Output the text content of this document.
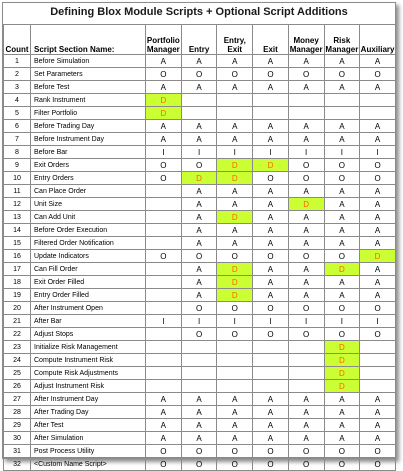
Defining Blox Module Scripts + Optional Script Additions
Count	Script Section Name:	Portfolio Manager	Entry	Entry, Exit	Exit	Money Manager	Risk Manager	Auxiliary
1	Before Simulation	A	A	A	A	A	A	A
2	Set Parameters	O	O	O	O	O	O	O
3	Before Test	A	A	A	A	A	A	A
4	Rank Instrument	D						
5	Filter Portfolio	D						
6	Before Trading Day	A	A	A	A	A	A	A
7	Before Instrument Day	A	A	A	A	A	A	A
8	Before Bar	I	I	I	I	I	I	I
9	Exit Orders	O	O	D	D	O	O	O
10	Entry Orders	O	D	D	O	O	O	O
11	Can Place Order		A	A	A	A	A	A
12	Unit Size		A	A	A	D	A	A
13	Can Add Unit		A	D	A	A	A	A
14	Before Order Execution		A	A	A	A	A	A
15	Filtered Order Notification		A	A	A	A	A	A
16	Update Indicators	O	O	O	O	O	O	D
17	Can Fill Order		A	D	A	A	D	A
18	Exit Order Filled		A	D	A	A	A	A
19	Entry Order Filled		A	D	A	A	A	A
20	After Instrument Open		O	O	O	O	O	O
21	After Bar	I	I	I	I	I	I	I
22	Adjust Stops		O	O	O	O	O	O
23	Initialize Risk Management						D	
24	Compute Instrument Risk						D	
25	Compute Risk Adjustments						D	
26	Adjust Instrument Risk						D	
27	After Instrument Day	A	A	A	A	A	A	A
28	After Trading Day	A	A	A	A	A	A	A
29	After Test	A	A	A	A	A	A	A
30	After Simulation	A	A	A	A	A	A	A
31	Post Process Utility	O	O	O	O	O	O	O
32	<Custom Name Script>	O	O	O	O	O	O	O
